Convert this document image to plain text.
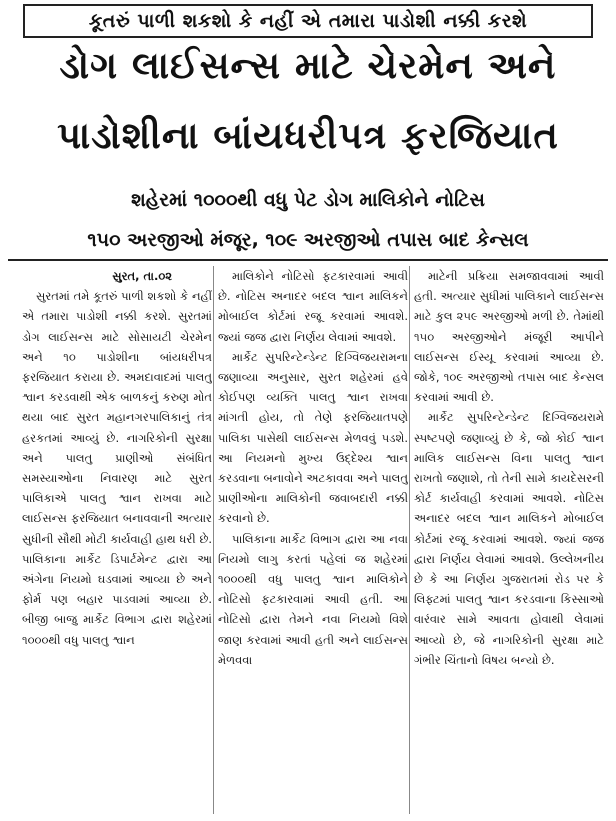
કૂતરું પાળી શકશો કે નહીં એ તમારા પાડોશી નક્કી કરશે
ડોગ લાઈસન્સ માટે ચેરમેન અને
પાડોશીના બાંયધરીપત્ર ફરજિયાત
શહેરમાં ૧૦૦૦થી વધુ પેટ ડોગ માલિકોને નોટિસ
૧૫૦ અરજીઓ મંજૂર, ૧૦૯ અરજીઓ તપાસ બાદ કેન્સલ
સુરત, તા.૦૨

સુરતમાં તમે કૂતરું પાળી શકશો કે નહીં એ તમારા પાડોશી નક્કી કરશે. સુરતમાં ડોગ લાઈસન્સ માટે સોસાયટી ચેરમેન અને ૧૦ પાડોશીના બાંયધરીપત્ર ફરજિયાત કરાયા છે. અમદાવાદમાં પાલતુ શ્વાન કરડવાથી એક બાળકનું કરુણ મોત થયા બાદ સુરત મહાનગરપાલિકાનું તંત્ર હરકતમાં આવ્યું છે. નાગરિકોની સુરક્ષા અને પાલતુ પ્રાણીઓ સંબંધિત સમસ્યાઓના નિવારણ માટે સુરત પાલિકાએ પાલતુ શ્વાન રાખવા માટે લાઈસન્સ ફરજિયાત બનાવવાની અત્યાર સુધીની સૌથી મોટી કાર્યવાહી હાથ ધરી છે. પાલિકાના માર્કેટ ડિપાર્ટમેન્ટ દ્વારા આ અંગેના નિયમો ઘડવામાં આવ્યા છે અને ફોર્મ પણ બહાર પાડવામાં આવ્યા છે. બીજી બાજુ માર્કેટ વિભાગ દ્વારા શહેરમાં ૧૦૦૦થી વધુ પાલતુ શ્વાન

માલિકોને નોટિસો ફટકારવામાં આવી છે. નોટિસ અનાદર બદલ શ્વાન માલિકને મોબાઈલ કોર્ટમાં રજૂ કરવામાં આવશે. જ્યાં જજ દ્વારા નિર્ણય લેવામાં આવશે.

માર્કેટ સુપરિન્ટેન્ડેન્ટ દિગ્વિજયરામના જણાવ્યા અનુસાર, સુરત શહેરમાં હવે કોઈપણ વ્યક્તિ પાલતુ શ્વાન રાખવા માંગતી હોય, તો તેણે ફરજિયાતપણે પાલિકા પાસેથી લાઈસન્સ મેળવવું પડશે. આ નિયમનો મુખ્ય ઉદ્દેશ્ય શ્વાન કરડવાના બનાવોને અટકાવવા અને પાલતુ પ્રાણીઓના માલિકોની જવાબદારી નક્કી કરવાનો છે.

પાલિકાના માર્કેટ વિભાગ દ્વારા આ નવા નિયમો લાગુ કરતાં પહેલાં જ શહેરમાં ૧૦૦૦થી વધુ પાલતુ શ્વાન માલિકોને નોટિસો ફટકારવામાં આવી હતી. આ નોટિસો દ્વારા તેમને નવા નિયમો વિશે જાણ કરવામાં આવી હતી અને લાઈસન્સ મેળવવા

માટેની પ્રક્રિયા સમજાવવામાં આવી હતી. અત્યાર સુધીમાં પાલિકાને લાઈસન્સ માટે કુલ ૨૫૯ અરજીઓ મળી છે. તેમાંથી ૧૫૦ અરજીઓને મંજૂરી આપીને લાઈસન્સ ઈસ્યૂ કરવામાં આવ્યા છે. જોકે, ૧૦૯ અરજીઓ તપાસ બાદ કેન્સલ કરવામાં આવી છે.

માર્કેટ સુપરિન્ટેન્ડેન્ટ દિગ્વિજયરામે સ્પષ્ટપણે જણાવ્યું છે કે, જો કોઈ શ્વાન માલિક લાઈસન્સ વિના પાલતુ શ્વાન રાખતો જણાશે, તો તેની સામે કાયદેસરની કોર્ટ કાર્યવાહી કરવામાં આવશે. નોટિસ અનાદર બદલ શ્વાન માલિકને મોબાઈલ કોર્ટમાં રજૂ કરવામાં આવશે. જ્યાં જજ દ્વારા નિર્ણય લેવામાં આવશે. ઉલ્લેખનીય છે કે આ નિર્ણય ગુજરાતમાં રોડ પર કે લિફ્ટમાં પાલતુ શ્વાન કરડવાના કિસ્સાઓ વારંવાર સામે આવતા હોવાથી લેવામાં આવ્યો છે, જે નાગરિકોની સુરક્ષા માટે ગંભીર ચિંતાનો વિષય બન્યો છે.
